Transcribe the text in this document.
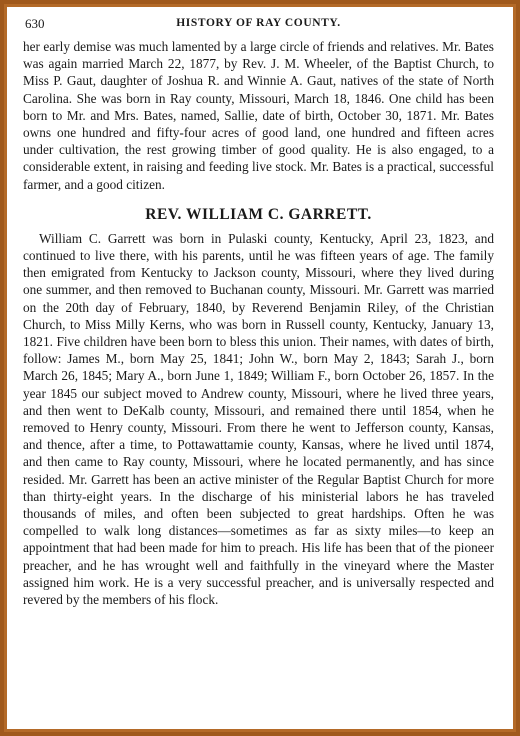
630	HISTORY OF RAY COUNTY.

her early demise was much lamented by a large circle of friends and relatives. Mr. Bates was again married March 22, 1877, by Rev. J. M. Wheeler, of the Baptist Church, to Miss P. Gaut, daughter of Joshua R. and Winnie A. Gaut, natives of the state of North Carolina. She was born in Ray county, Missouri, March 18, 1846. One child has been born to Mr. and Mrs. Bates, named, Sallie, date of birth, October 30, 1871. Mr. Bates owns one hundred and fifty-four acres of good land, one hundred and fifteen acres under cultivation, the rest growing timber of good quality. He is also engaged, to a considerable extent, in raising and feeding live stock. Mr. Bates is a practical, successful farmer, and a good citizen.

REV. WILLIAM C. GARRETT.

William C. Garrett was born in Pulaski county, Kentucky, April 23, 1823, and continued to live there, with his parents, until he was fifteen years of age. The family then emigrated from Kentucky to Jackson county, Missouri, where they lived during one summer, and then removed to Buchanan county, Missouri. Mr. Garrett was married on the 20th day of February, 1840, by Reverend Benjamin Riley, of the Christian Church, to Miss Milly Kerns, who was born in Russell county, Kentucky, January 13, 1821. Five children have been born to bless this union. Their names, with dates of birth, follow: James M., born May 25, 1841; John W., born May 2, 1843; Sarah J., born March 26, 1845; Mary A., born June 1, 1849; William F., born October 26, 1857. In the year 1845 our subject moved to Andrew county, Missouri, where he lived three years, and then went to DeKalb county, Missouri, and remained there until 1854, when he removed to Henry county, Missouri. From there he went to Jefferson county, Kansas, and thence, after a time, to Pottawattamie county, Kansas, where he lived until 1874, and then came to Ray county, Missouri, where he located permanently, and has since resided. Mr. Garrett has been an active minister of the Regular Baptist Church for more than thirty-eight years. In the discharge of his ministerial labors he has traveled thousands of miles, and often been subjected to great hardships. Often he was compelled to walk long distances—sometimes as far as sixty miles—to keep an appointment that had been made for him to preach. His life has been that of the pioneer preacher, and he has wrought well and faithfully in the vineyard where the Master assigned him work. He is a very successful preacher, and is universally respected and revered by the members of his flock.
